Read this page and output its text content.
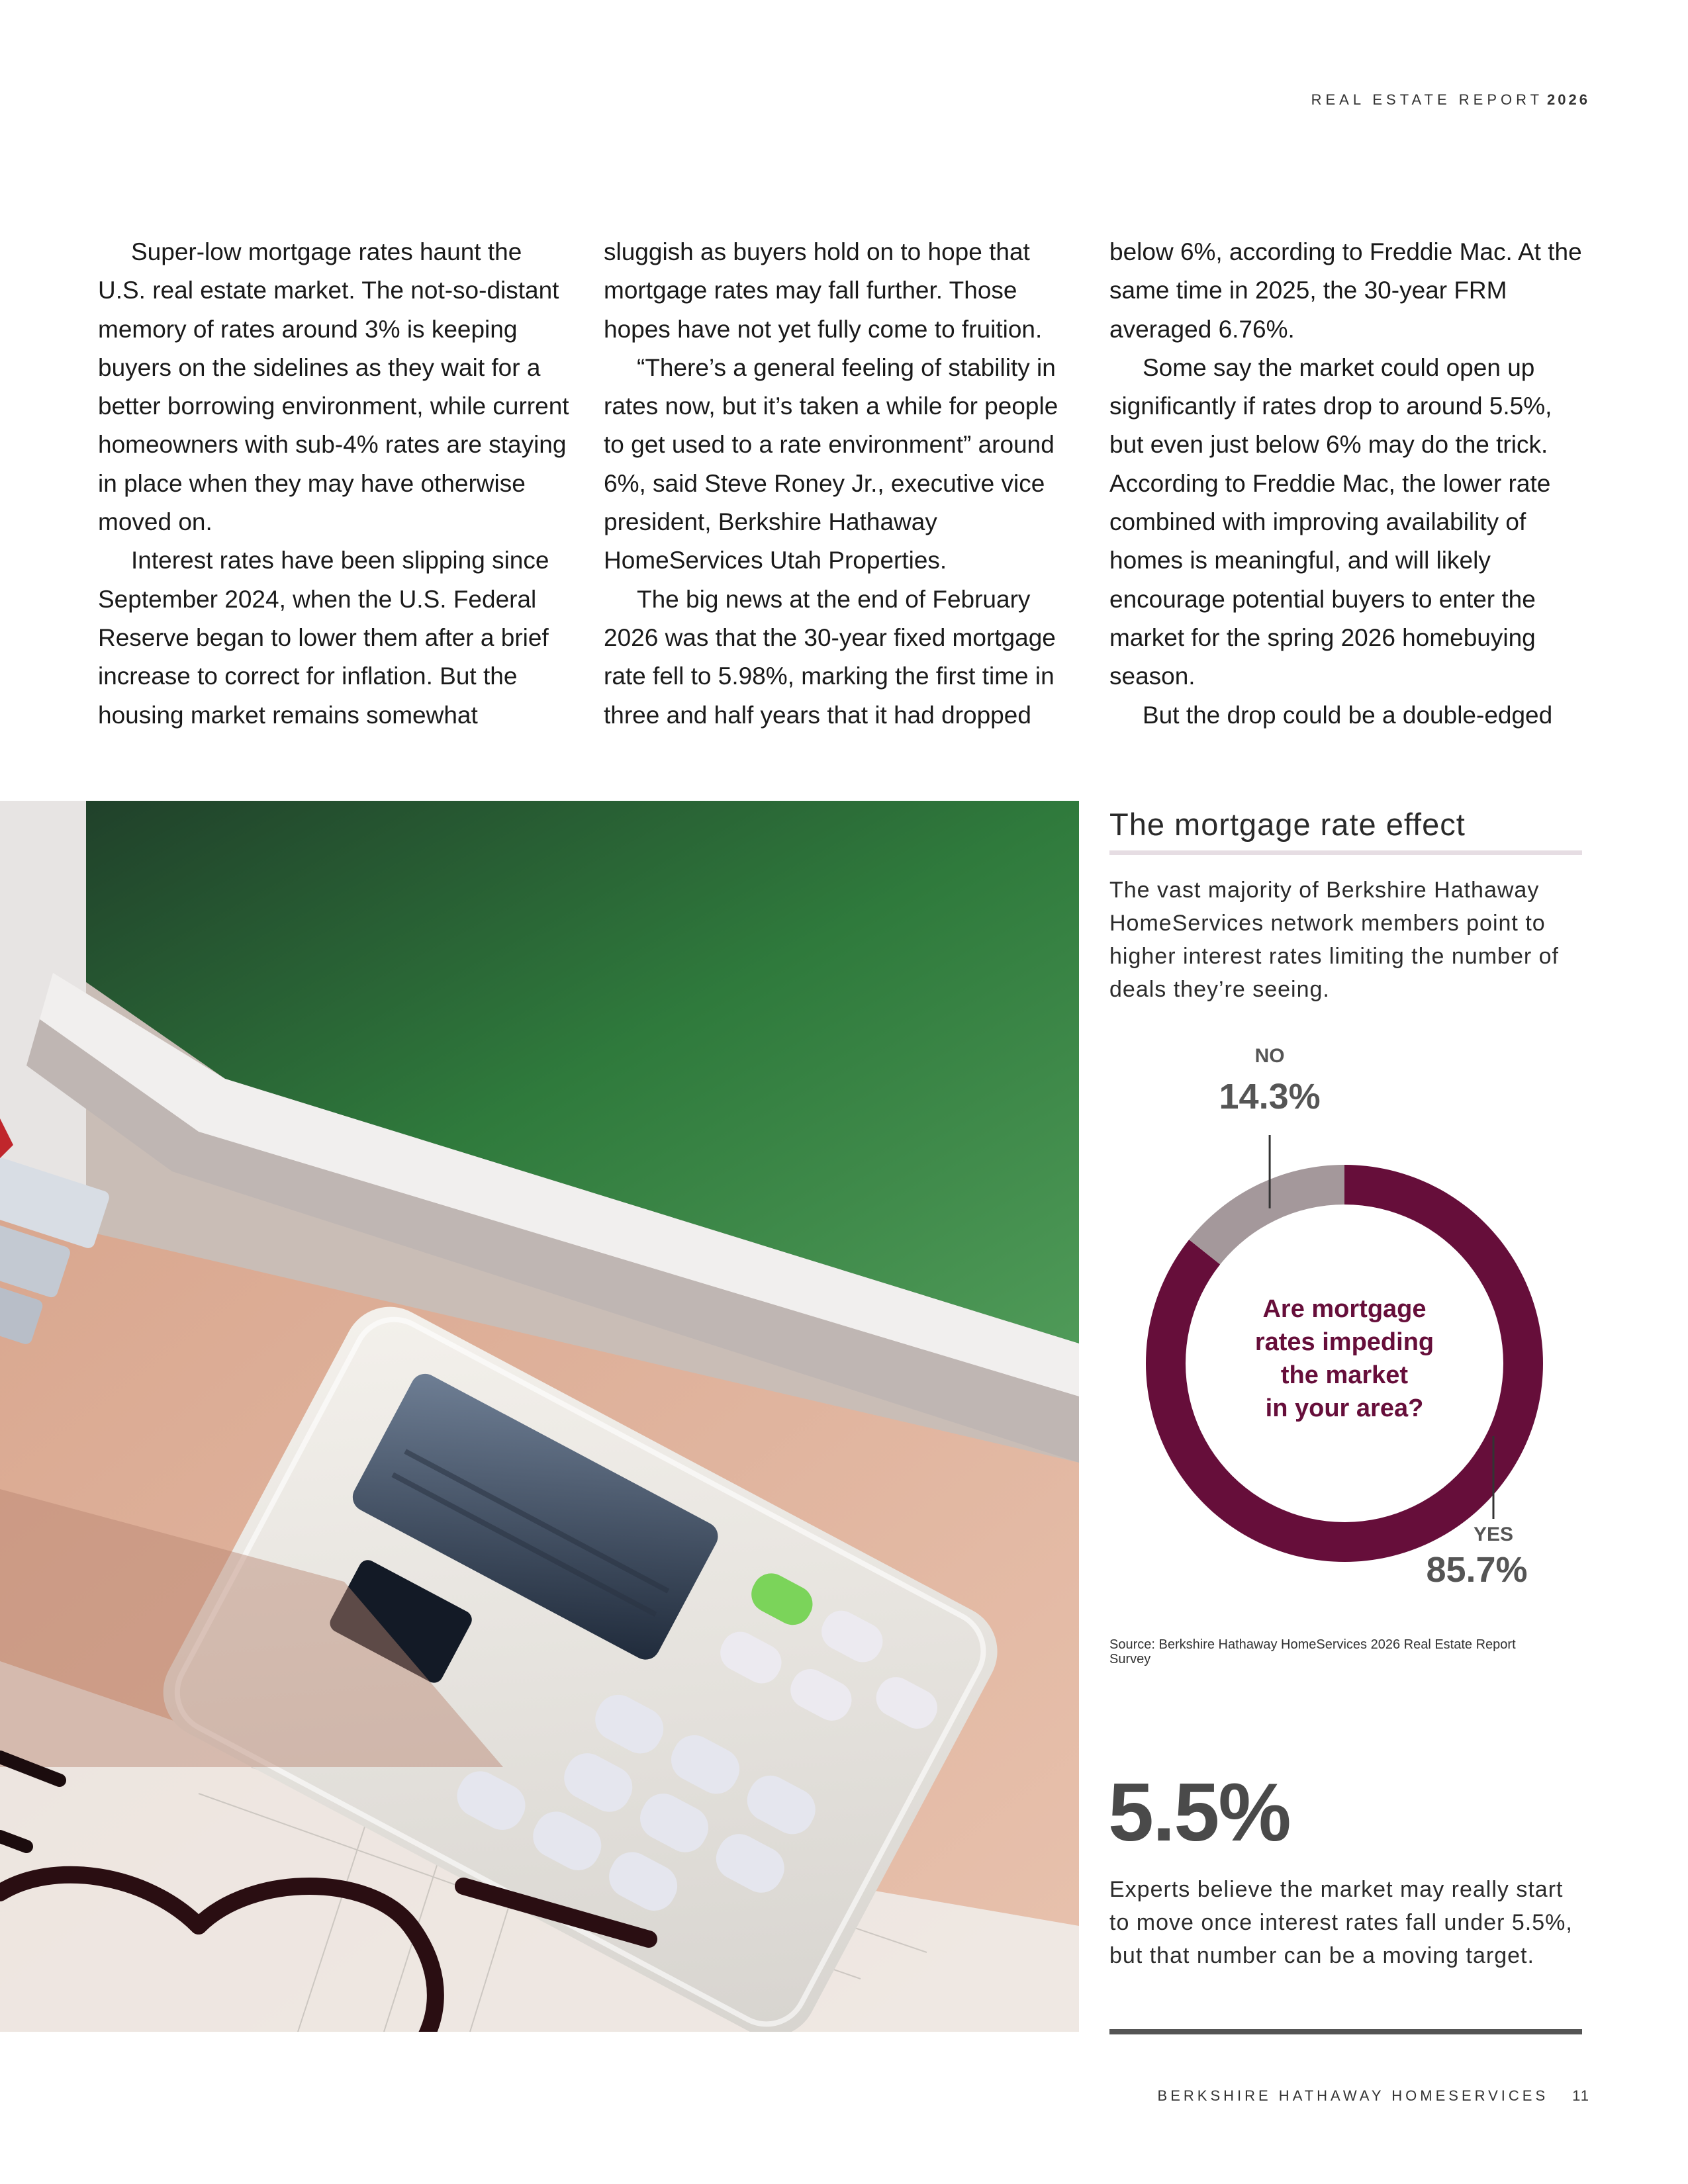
REAL ESTATE REPORT 2026

Super-low mortgage rates haunt the U.S. real estate market. The not-so-distant memory of rates around 3% is keeping buyers on the sidelines as they wait for a better borrowing environment, while current homeowners with sub-4% rates are staying in place when they may have otherwise moved on.

Interest rates have been slipping since September 2024, when the U.S. Federal Reserve began to lower them after a brief increase to correct for inflation. But the housing market remains somewhat

sluggish as buyers hold on to hope that mortgage rates may fall further. Those hopes have not yet fully come to fruition.

“There’s a general feeling of stability in rates now, but it’s taken a while for people to get used to a rate environment” around 6%, said Steve Roney Jr., executive vice president, Berkshire Hathaway HomeServices Utah Properties.

The big news at the end of February 2026 was that the 30-year fixed mortgage rate fell to 5.98%, marking the first time in three and half years that it had dropped

below 6%, according to Freddie Mac. At the same time in 2025, the 30-year FRM averaged 6.76%.

Some say the market could open up significantly if rates drop to around 5.5%, but even just below 6% may do the trick. According to Freddie Mac, the lower rate combined with improving availability of homes is meaningful, and will likely encourage potential buyers to enter the market for the spring 2026 homebuying season.

But the drop could be a double-edged

The mortgage rate effect
The vast majority of Berkshire Hathaway HomeServices network members point to higher interest rates limiting the number of deals they’re seeing.
Are mortgage rates impeding the market in your area?
NO
14.3%
YES
85.7%
Source: Berkshire Hathaway HomeServices 2026 Real Estate Report Survey
5.5%
Experts believe the market may really start to move once interest rates fall under 5.5%, but that number can be a moving target.
BERKSHIRE HATHAWAY HOMESERVICES 11
